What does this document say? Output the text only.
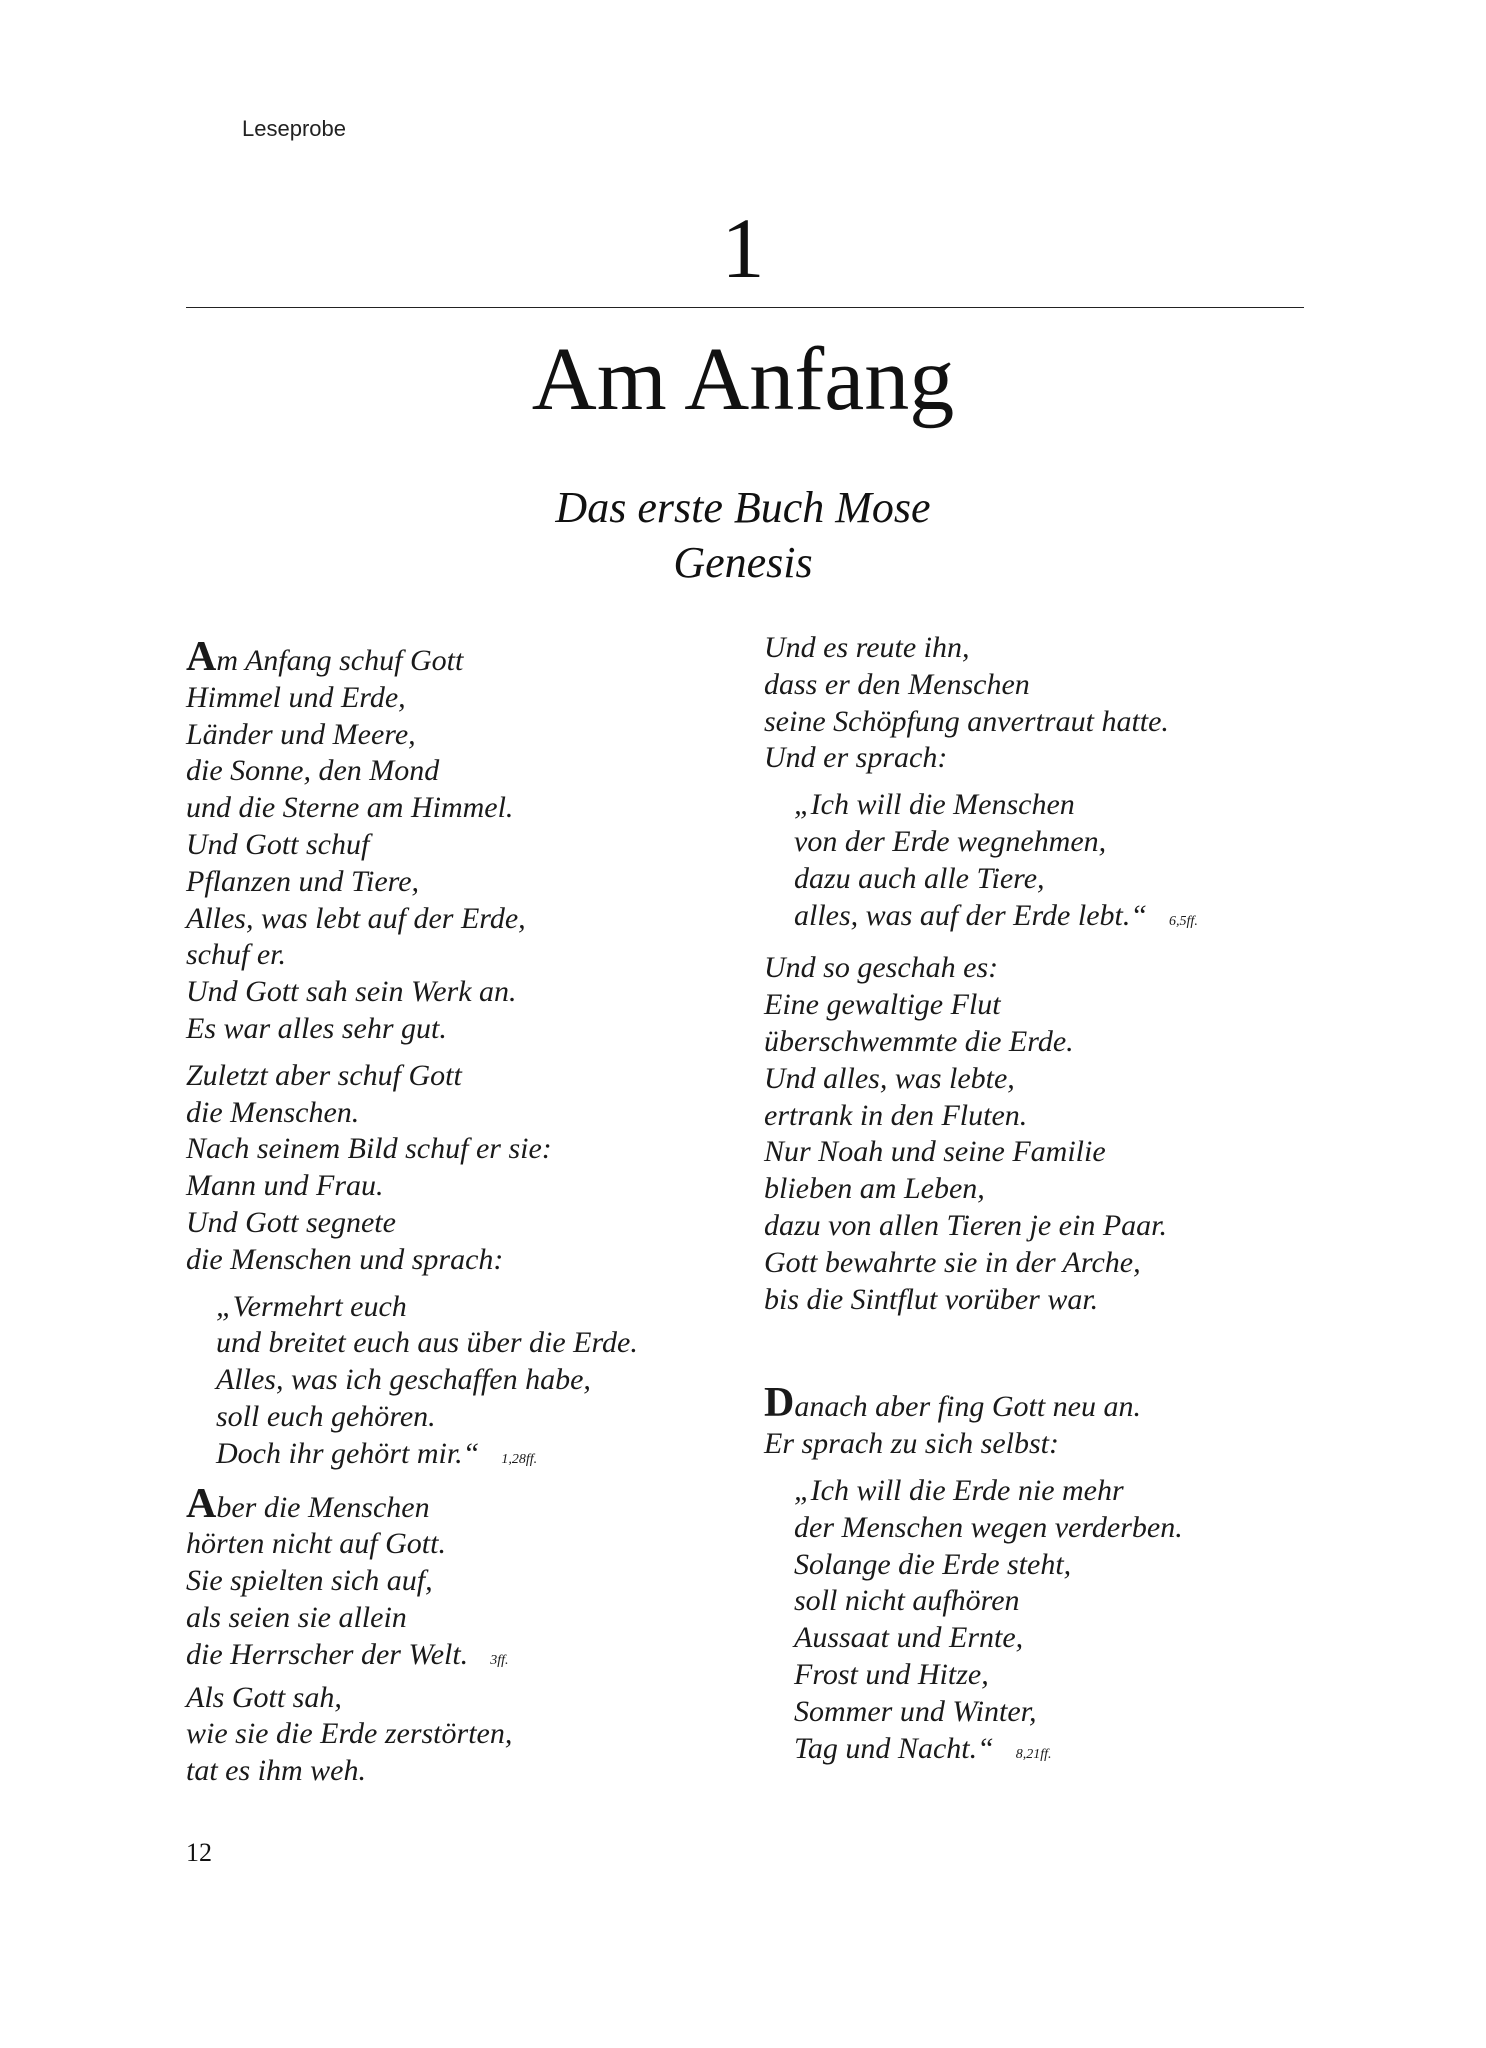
Leseprobe
1
Am Anfang
Das erste Buch Mose
Genesis
Am Anfang schuf Gott
Himmel und Erde,
Länder und Meere,
die Sonne, den Mond
und die Sterne am Himmel.
Und Gott schuf
Pflanzen und Tiere,
Alles, was lebt auf der Erde,
schuf er.
Und Gott sah sein Werk an.
Es war alles sehr gut.
Zuletzt aber schuf Gott
die Menschen.
Nach seinem Bild schuf er sie:
Mann und Frau.
Und Gott segnete
die Menschen und sprach:
„Vermehrt euch
und breitet euch aus über die Erde.
Alles, was ich geschaffen habe,
soll euch gehören.
Doch ihr gehört mir.“ 1,28ff.
Aber die Menschen
hörten nicht auf Gott.
Sie spielten sich auf,
als seien sie allein
die Herrscher der Welt. 3ff.
Als Gott sah,
wie sie die Erde zerstörten,
tat es ihm weh.
Und es reute ihn,
dass er den Menschen
seine Schöpfung anvertraut hatte.
Und er sprach:
„Ich will die Menschen
von der Erde wegnehmen,
dazu auch alle Tiere,
alles, was auf der Erde lebt.“ 6,5ff.
Und so geschah es:
Eine gewaltige Flut
überschwemmte die Erde.
Und alles, was lebte,
ertrank in den Fluten.
Nur Noah und seine Familie
blieben am Leben,
dazu von allen Tieren je ein Paar.
Gott bewahrte sie in der Arche,
bis die Sintflut vorüber war.
Danach aber fing Gott neu an.
Er sprach zu sich selbst:
„Ich will die Erde nie mehr
der Menschen wegen verderben.
Solange die Erde steht,
soll nicht aufhören
Aussaat und Ernte,
Frost und Hitze,
Sommer und Winter,
Tag und Nacht.“ 8,21ff.
12
